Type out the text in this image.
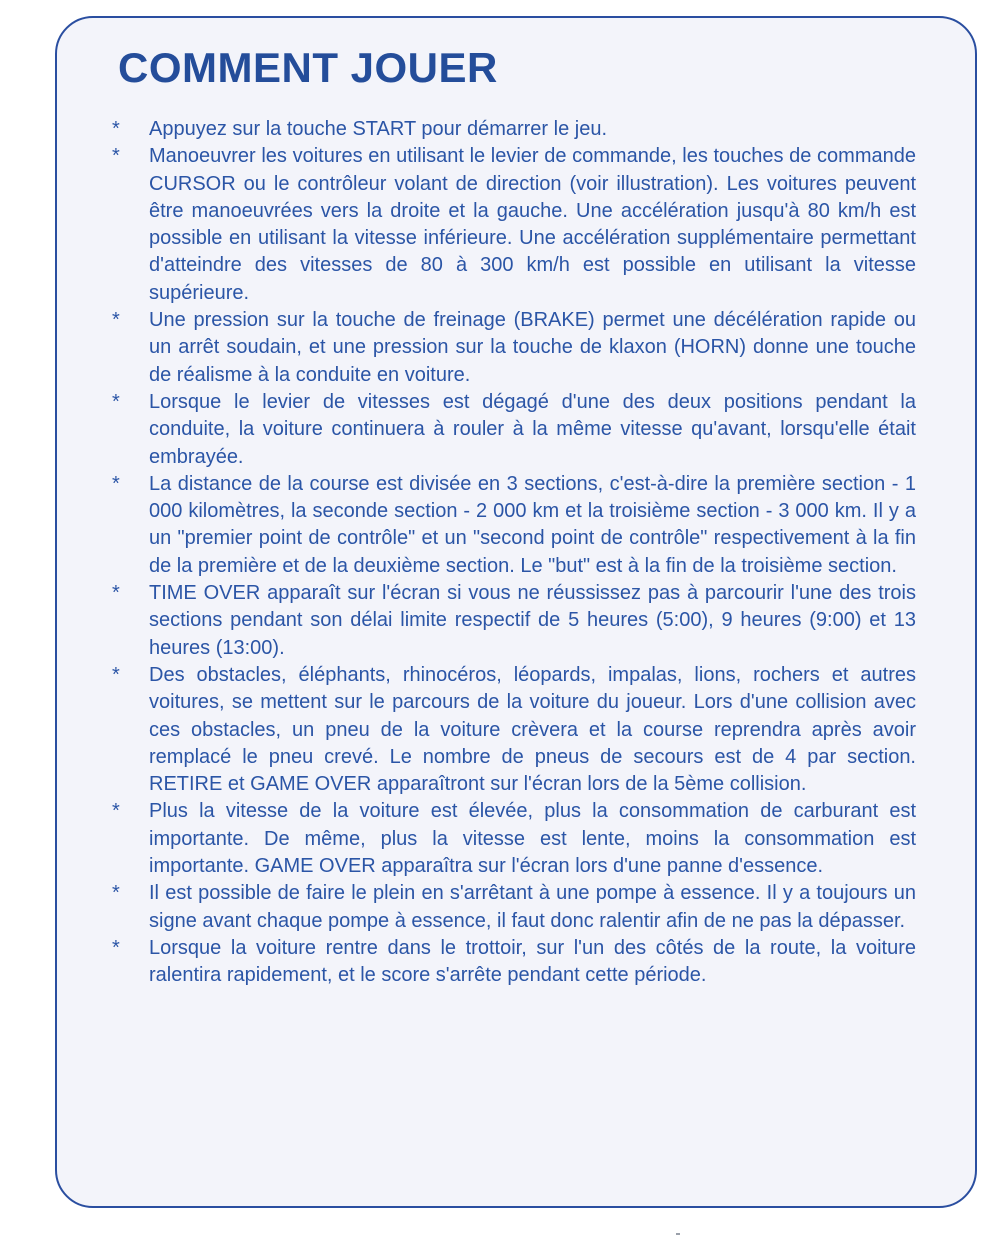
COMMENT JOUER
* Appuyez sur la touche START pour démarrer le jeu.
* Manoeuvrer les voitures en utilisant le levier de commande, les touches de commande CURSOR ou le contrôleur volant de direction (voir illustration). Les voitures peuvent être manoeuvrées vers la droite et la gauche. Une accélération jusqu'à 80 km/h est possible en utilisant la vitesse inférieure. Une accélération supplémentaire permettant d'atteindre des vitesses de 80 à 300 km/h est possible en utilisant la vitesse supérieure.
* Une pression sur la touche de freinage (BRAKE) permet une décélération rapide ou un arrêt soudain, et une pression sur la touche de klaxon (HORN) donne une touche de réalisme à la conduite en voiture.
* Lorsque le levier de vitesses est dégagé d'une des deux positions pendant la conduite, la voiture continuera à rouler à la même vitesse qu'avant, lorsqu'elle était embrayée.
* La distance de la course est divisée en 3 sections, c'est-à-dire la première section - 1 000 kilomètres, la seconde section - 2 000 km et la troisième section - 3 000 km. Il y a un "premier point de contrôle" et un "second point de contrôle" respectivement à la fin de la première et de la deuxième section. Le "but" est à la fin de la troisième section.
* TIME OVER apparaît sur l'écran si vous ne réussissez pas à parcourir l'une des trois sections pendant son délai limite respectif de 5 heures (5:00), 9 heures (9:00) et 13 heures (13:00).
* Des obstacles, éléphants, rhinocéros, léopards, impalas, lions, rochers et autres voitures, se mettent sur le parcours de la voiture du joueur. Lors d'une collision avec ces obstacles, un pneu de la voiture crèvera et la course reprendra après avoir remplacé le pneu crevé. Le nombre de pneus de secours est de 4 par section. RETIRE et GAME OVER apparaîtront sur l'écran lors de la 5ème collision.
* Plus la vitesse de la voiture est élevée, plus la consommation de carburant est importante. De même, plus la vitesse est lente, moins la consommation est importante. GAME OVER apparaîtra sur l'écran lors d'une panne d'essence.
* Il est possible de faire le plein en s'arrêtant à une pompe à essence. Il y a toujours un signe avant chaque pompe à essence, il faut donc ralentir afin de ne pas la dépasser.
* Lorsque la voiture rentre dans le trottoir, sur l'un des côtés de la route, la voiture ralentira rapidement, et le score s'arrête pendant cette période.
